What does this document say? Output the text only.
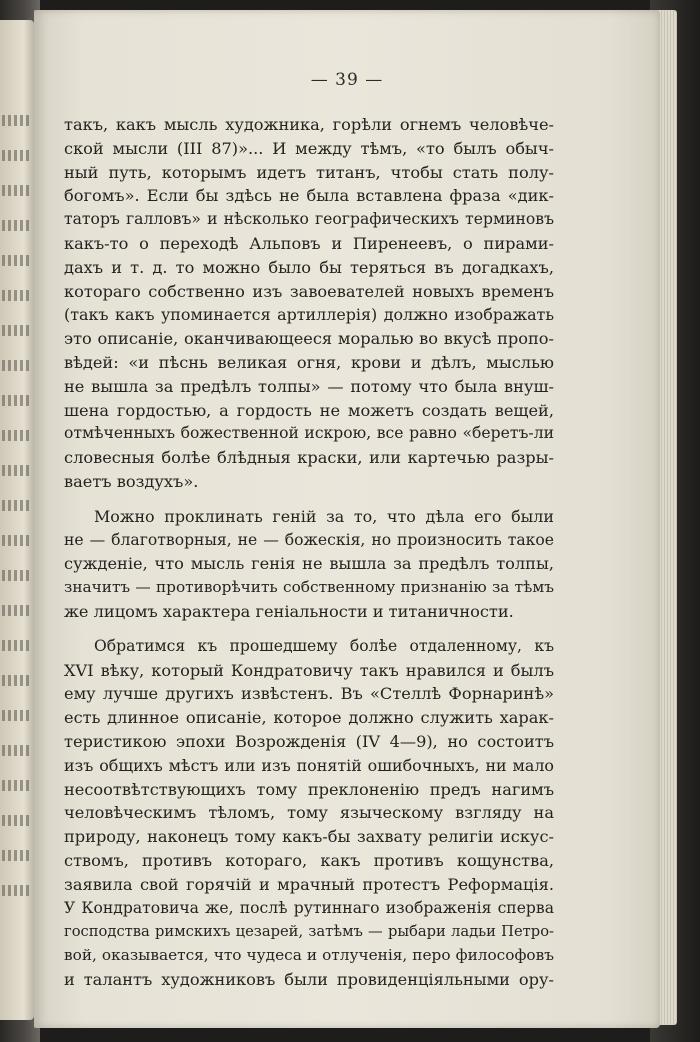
— 39 —
такъ, какъ мысль художника, горѣли огнемъ человѣче-
ской мысли (III 87)»... И между тѣмъ, «то былъ обыч-
ный путь, которымъ идетъ титанъ, чтобы стать полу-
богомъ». Если бы здѣсь не была вставлена фраза «дик-
таторъ галловъ» и нѣсколько географическихъ терминовъ
какъ-то о переходѣ Альповъ и Пиренеевъ, о пирами-
дахъ и т. д. то можно было бы теряться въ догадкахъ,
котораго собственно изъ завоевателей новыхъ временъ
(такъ какъ упоминается артиллерія) должно изображать
это описаніе, оканчивающееся моралью во вкусѣ пропо-
вѣдей: «и пѣснь великая огня, крови и дѣлъ, мыслью
не вышла за предѣлъ толпы» — потому что была внуш-
шена гордостью, а гордость не можетъ создать вещей,
отмѣченныхъ божественной искрою, все равно «беретъ-ли
словесныя болѣе блѣдныя краски, или картечью разры-
ваетъ воздухъ».
Можно проклинать геній за то, что дѣла его были
не — благотворныя, не — божескія, но произносить такое
сужденіе, что мысль генія не вышла за предѣлъ толпы,
значитъ — противорѣчить собственному признанію за тѣмъ
же лицомъ характера геніальности и титаничности.
Обратимся къ прошедшему болѣе отдаленному, къ
XVI вѣку, который Кондратовичу такъ нравился и былъ
ему лучше другихъ извѣстенъ. Въ «Стеллѣ Форнаринѣ»
есть длинное описаніе, которое должно служить харак-
теристикою эпохи Возрожденія (IV 4—9), но состоитъ
изъ общихъ мѣстъ или изъ понятій ошибочныхъ, ни мало
несоотвѣтствующихъ тому преклоненію предъ нагимъ
человѣческимъ тѣломъ, тому языческому взгляду на
природу, наконецъ тому какъ-бы захвату религіи искус-
ствомъ, противъ котораго, какъ противъ кощунства,
заявила свой горячій и мрачный протестъ Реформація.
У Кондратовича же, послѣ рутиннаго изображенія сперва
господства римскихъ цезарей, затѣмъ — рыбари ладьи Петро-
вой, оказывается, что чудеса и отлученія, перо философовъ
и талантъ художниковъ были провиденціяльными ору-
